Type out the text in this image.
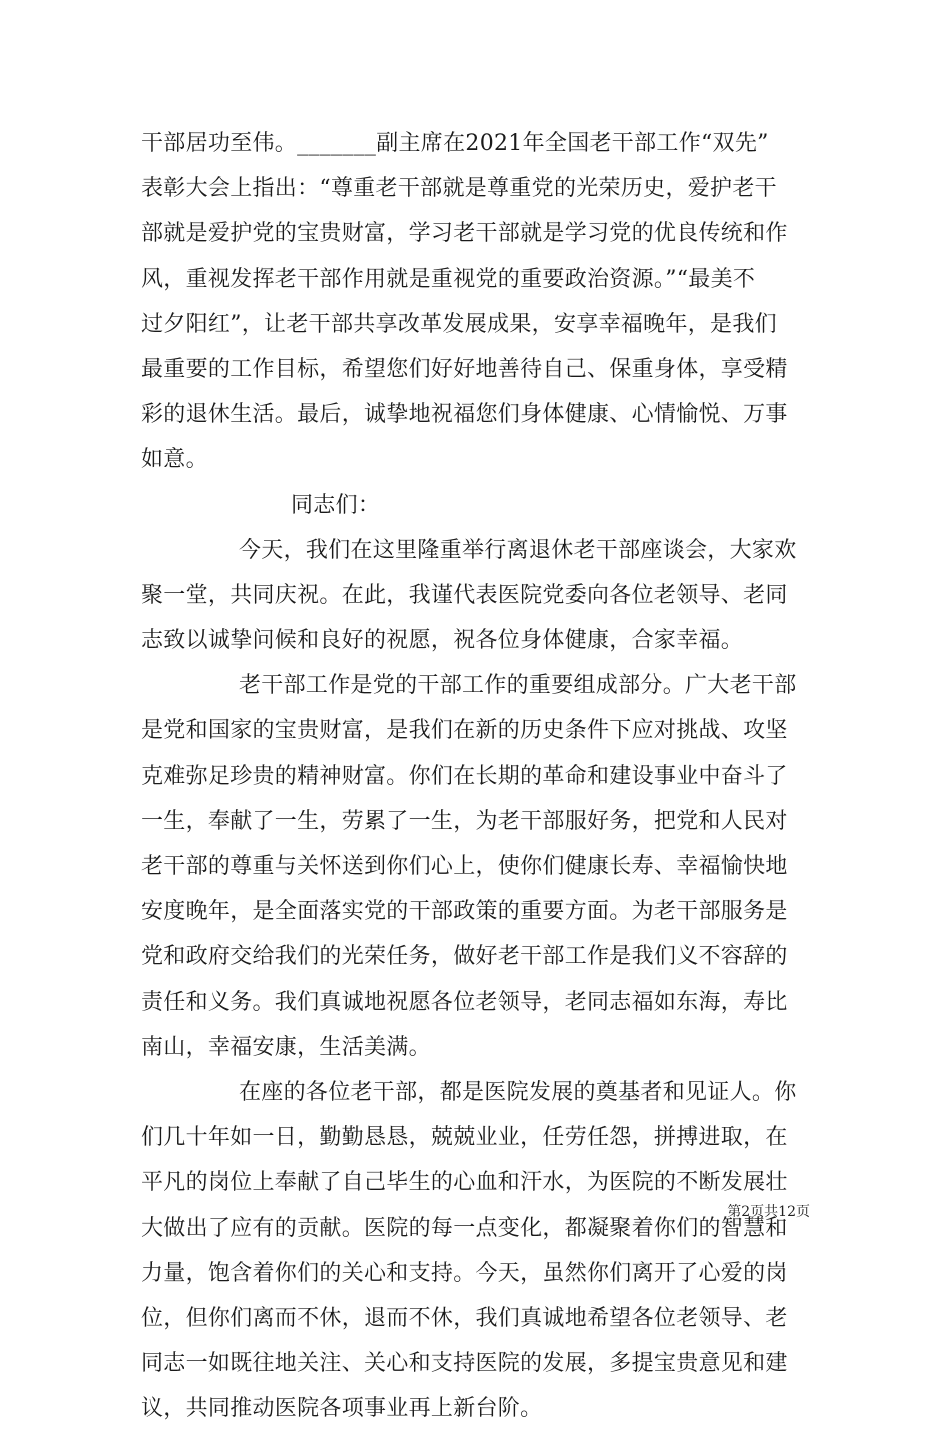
干部居功至伟。_______副主席在2021年全国老干部工作“双先”
表彰大会上指出：“尊重老干部就是尊重党的光荣历史，爱护老干
部就是爱护党的宝贵财富，学习老干部就是学习党的优良传统和作
风，重视发挥老干部作用就是重视党的重要政治资源。”“最美不
过夕阳红”，让老干部共享改革发展成果，安享幸福晚年，是我们
最重要的工作目标，希望您们好好地善待自己、保重身体，享受精
彩的退休生活。最后，诚挚地祝福您们身体健康、心情愉悦、万事
如意。
同志们：
今天，我们在这里隆重举行离退休老干部座谈会，大家欢
聚一堂，共同庆祝。在此，我谨代表医院党委向各位老领导、老同
志致以诚挚问候和良好的祝愿，祝各位身体健康，合家幸福。
老干部工作是党的干部工作的重要组成部分。广大老干部
是党和国家的宝贵财富，是我们在新的历史条件下应对挑战、攻坚
克难弥足珍贵的精神财富。你们在长期的革命和建设事业中奋斗了
一生，奉献了一生，劳累了一生，为老干部服好务，把党和人民对
老干部的尊重与关怀送到你们心上，使你们健康长寿、幸福愉快地
安度晚年，是全面落实党的干部政策的重要方面。为老干部服务是
党和政府交给我们的光荣任务，做好老干部工作是我们义不容辞的
责任和义务。我们真诚地祝愿各位老领导，老同志福如东海，寿比
南山，幸福安康，生活美满。
在座的各位老干部，都是医院发展的奠基者和见证人。你
们几十年如一日，勤勤恳恳，兢兢业业，任劳任怨，拼搏进取，在
平凡的岗位上奉献了自己毕生的心血和汗水，为医院的不断发展壮
大做出了应有的贡献。医院的每一点变化，都凝聚着你们的智慧和
力量，饱含着你们的关心和支持。今天，虽然你们离开了心爱的岗
位，但你们离而不休，退而不休，我们真诚地希望各位老领导、老
同志一如既往地关注、关心和支持医院的发展，多提宝贵意见和建
议，共同推动医院各项事业再上新台阶。
第2页共12页
